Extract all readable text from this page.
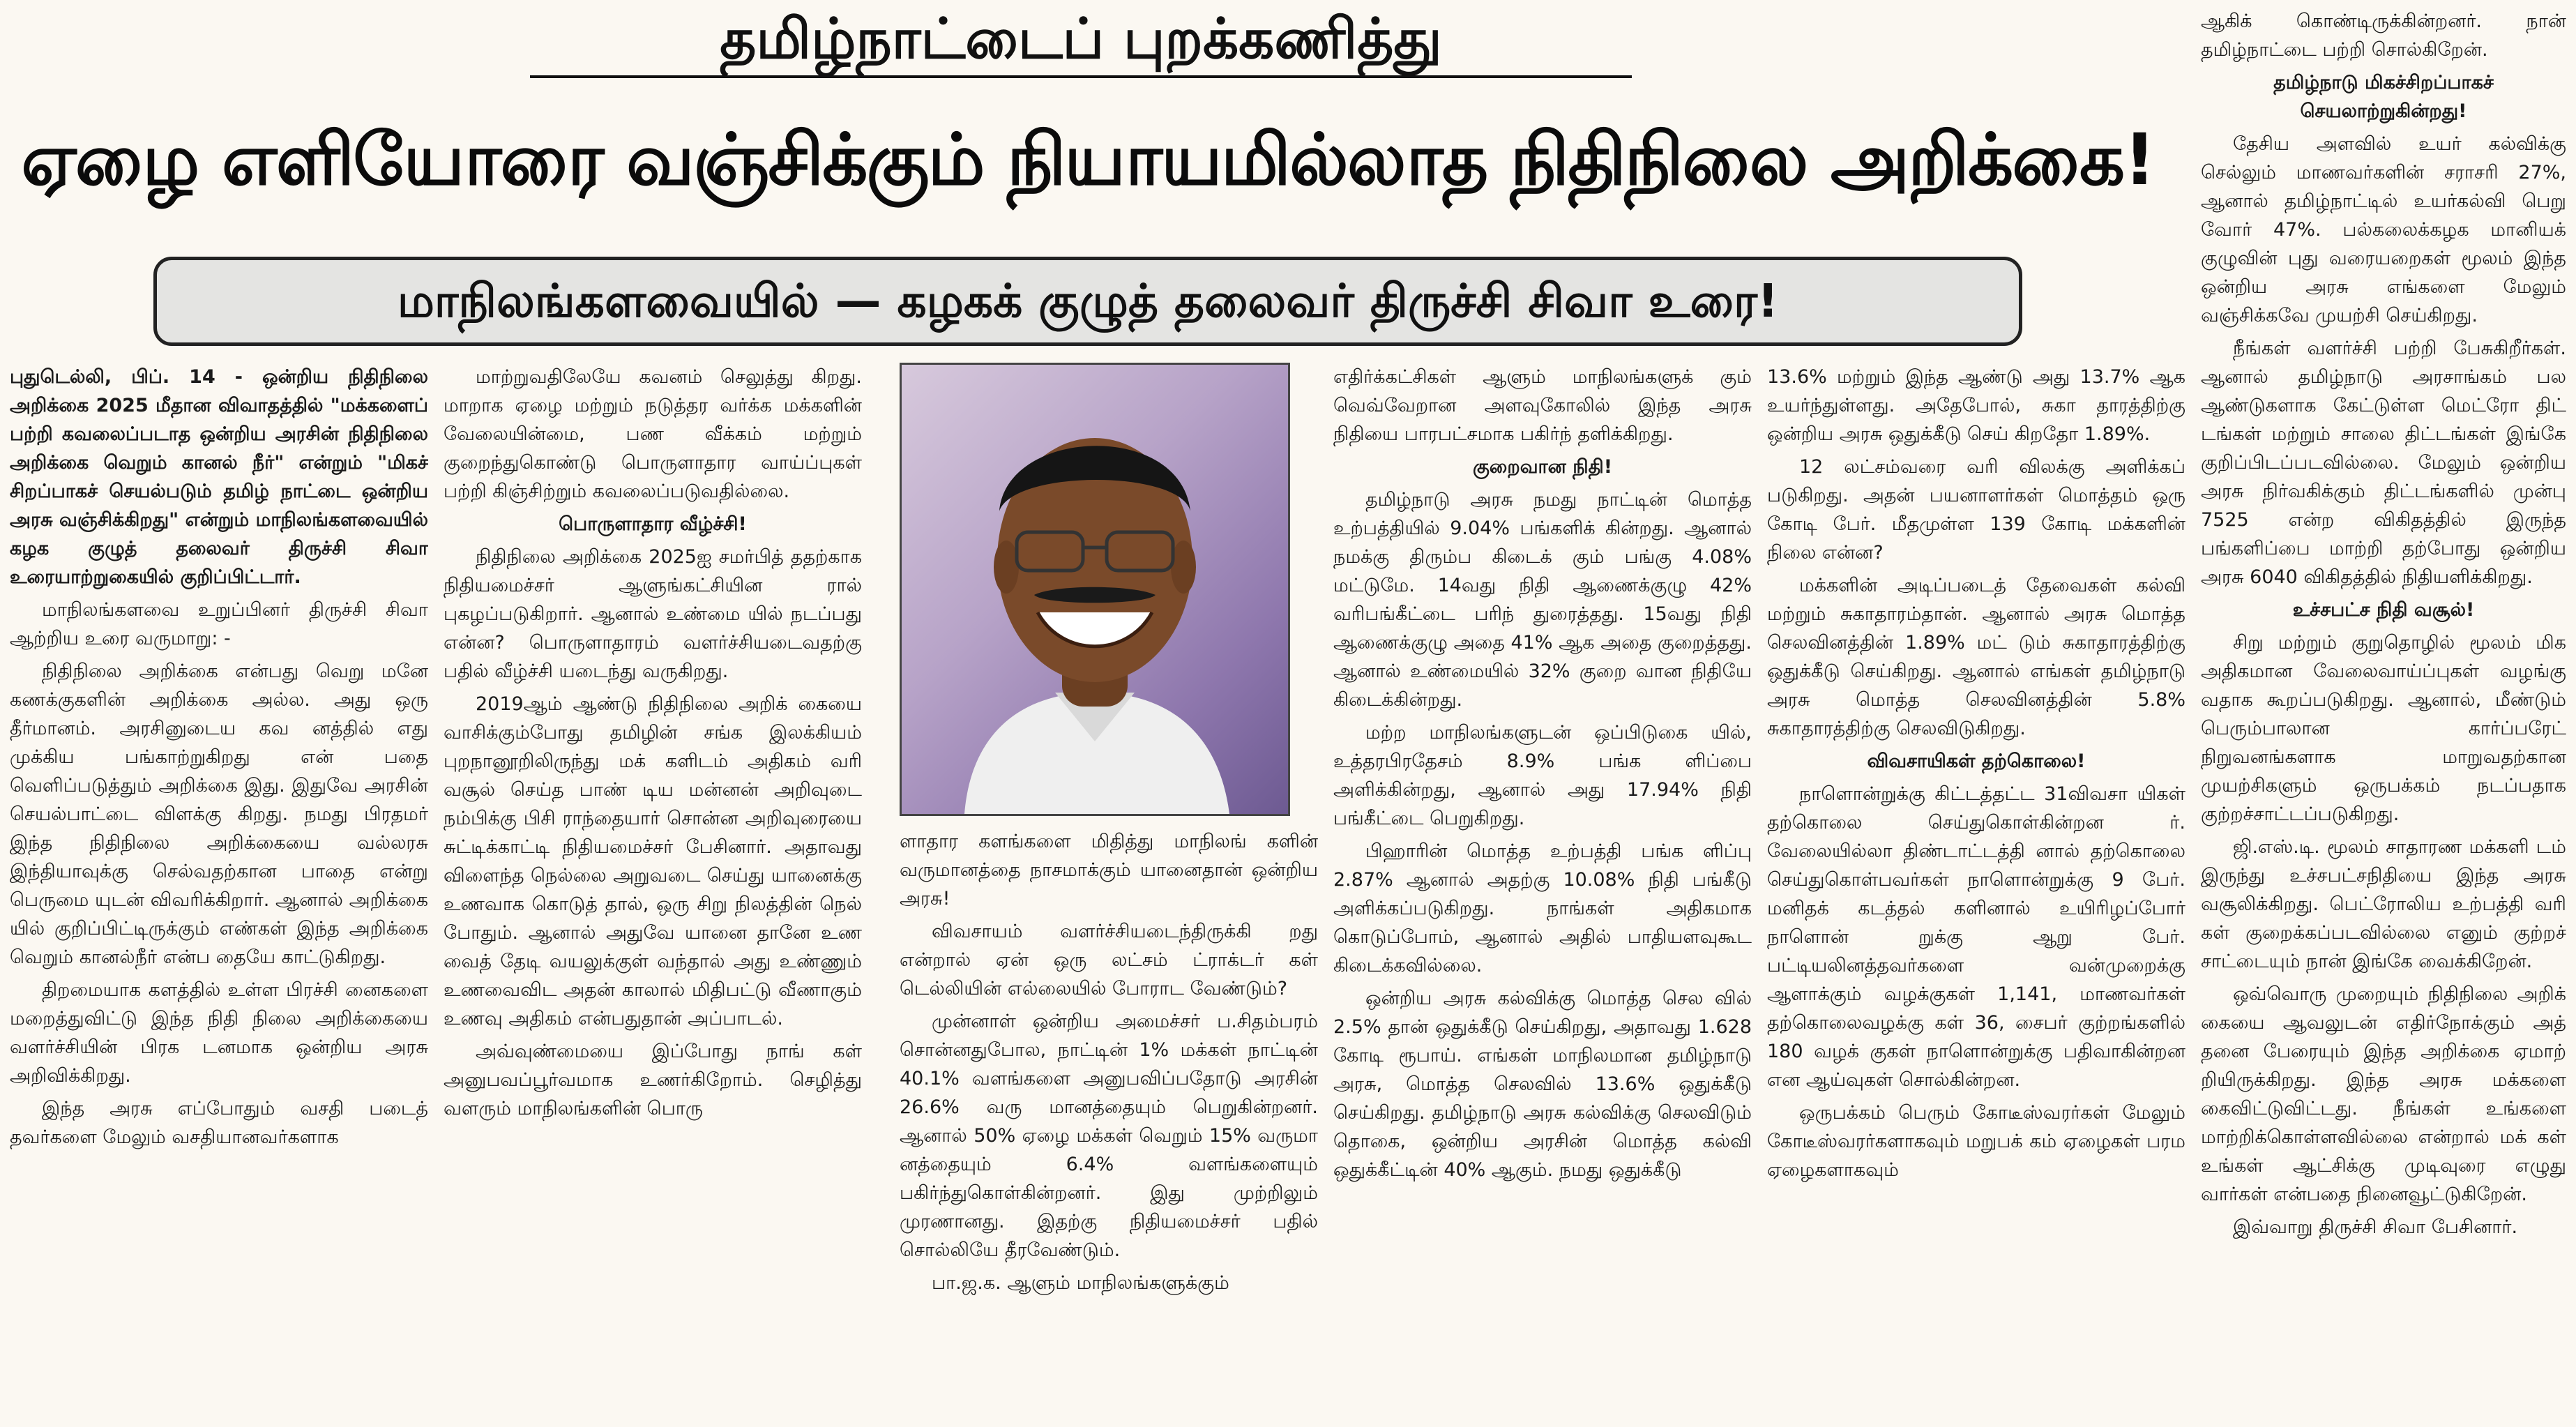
தமிழ்நாட்டைப் புறக்கணித்து
ஏழை எளியோரை வஞ்சிக்கும் நியாயமில்லாத நிதிநிலை அறிக்கை!
மாநிலங்களவையில் — கழகக் குழுத் தலைவர் திருச்சி சிவா உரை!

புதுடெல்லி, பிப். 14 - ஒன்றிய நிதிநிலை அறிக்கை 2025 மீதான விவாதத்தில் "மக்களைப் பற்றி கவலைப்படாத ஒன்றிய அரசின் நிதிநிலை அறிக்கை வெறும் கானல் நீர்" என்றும் "மிகச் சிறப்பாகச் செயல்படும் தமிழ் நாட்டை ஒன்றிய அரசு வஞ்சிக்கிறது" என்றும் மாநிலங்களவையில் கழக குழுத் தலைவர் திருச்சி சிவா உரையாற்றுகையில் குறிப்பிட்டார்.

மாநிலங்களவை உறுப்பினர் திருச்சி சிவா ஆற்றிய உரை வருமாறு: -

நிதிநிலை அறிக்கை என்பது வெறு மனே கணக்குகளின் அறிக்கை அல்ல. அது ஒரு தீர்மானம். அரசினுடைய கவ னத்தில் எது முக்கிய பங்காற்றுகிறது என் பதை வெளிப்படுத்தும் அறிக்கை இது. இதுவே அரசின் செயல்பாட்டை விளக்கு கிறது. நமது பிரதமர் இந்த நிதிநிலை அறிக்கையை வல்லரசு இந்தியாவுக்கு செல்வதற்கான பாதை என்று பெருமை யுடன் விவரிக்கிறார். ஆனால் அறிக்கை யில் குறிப்பிட்டிருக்கும் எண்கள் இந்த அறிக்கை வெறும் கானல்நீர் என்ப தையே காட்டுகிறது.

திறமையாக களத்தில் உள்ள பிரச்சி னைகளை மறைத்துவிட்டு இந்த நிதி நிலை அறிக்கையை வளர்ச்சியின் பிரக டனமாக ஒன்றிய அரசு அறிவிக்கிறது.

இந்த அரசு எப்போதும் வசதி படைத் தவர்களை மேலும் வசதியானவர்களாக

மாற்றுவதிலேயே கவனம் செலுத்து கிறது. மாறாக ஏழை மற்றும் நடுத்தர வர்க்க மக்களின் வேலையின்மை, பண வீக்கம் மற்றும் குறைந்துகொண்டு பொருளாதார வாய்ப்புகள் பற்றி கிஞ்சிற்றும் கவலைப்படுவதில்லை.

பொருளாதார வீழ்ச்சி!

நிதிநிலை அறிக்கை 2025ஐ சமர்பித் ததற்காக நிதியமைச்சர் ஆளுங்கட்சியின ரால் புகழப்படுகிறார். ஆனால் உண்மை யில் நடப்பது என்ன? பொருளாதாரம் வளர்ச்சியடைவதற்கு பதில் வீழ்ச்சி யடைந்து வருகிறது.

2019ஆம் ஆண்டு நிதிநிலை அறிக் கையை வாசிக்கும்போது தமிழின் சங்க இலக்கியம் புறநானூறிலிருந்து மக் களிடம் அதிகம் வரி வசூல் செய்த பாண் டிய மன்னன் அறிவுடை நம்பிக்கு பிசி ராந்தையார் சொன்ன அறிவுரையை சுட்டிக்காட்டி நிதியமைச்சர் பேசினார். அதாவது விளைந்த நெல்லை அறுவடை செய்து யானைக்கு உணவாக கொடுத் தால், ஒரு சிறு நிலத்தின் நெல் போதும். ஆனால் அதுவே யானை தானே உண வைத் தேடி வயலுக்குள் வந்தால் அது உண்ணும் உணவைவிட அதன் காலால் மிதிபட்டு வீணாகும் உணவு அதிகம் என்பதுதான் அப்பாடல்.

அவ்வுண்மையை இப்போது நாங் கள் அனுபவப்பூர்வமாக உணர்கிறோம். செழித்து வளரும் மாநிலங்களின் பொரு

ளாதார களங்களை மிதித்து மாநிலங் களின் வருமானத்தை நாசமாக்கும் யானைதான் ஒன்றிய அரசு!

விவசாயம் வளர்ச்சியடைந்திருக்கி றது என்றால் ஏன் ஒரு லட்சம் ட்ராக்டர் கள் டெல்லியின் எல்லையில் போராட வேண்டும்?

முன்னாள் ஒன்றிய அமைச்சர் ப.சிதம்பரம் சொன்னதுபோல, நாட்டின் 1% மக்கள் நாட்டின் 40.1% வளங்களை அனுபவிப்பதோடு அரசின் 26.6% வரு மானத்தையும் பெறுகின்றனர். ஆனால் 50% ஏழை மக்கள் வெறும் 15% வருமா னத்தையும் 6.4% வளங்களையும் பகிர்ந்துகொள்கின்றனர். இது முற்றிலும் முரணானது. இதற்கு நிதியமைச்சர் பதில் சொல்லியே தீரவேண்டும்.

பா.ஜ.க. ஆளும் மாநிலங்களுக்கும்

எதிர்க்கட்சிகள் ஆளும் மாநிலங்களுக் கும் வெவ்வேறான அளவுகோலில் இந்த அரசு நிதியை பாரபட்சமாக பகிர்ந் தளிக்கிறது.

குறைவான நிதி!

தமிழ்நாடு அரசு நமது நாட்டின் மொத்த உற்பத்தியில் 9.04% பங்களிக் கின்றது. ஆனால் நமக்கு திரும்ப கிடைக் கும் பங்கு 4.08% மட்டுமே. 14வது நிதி ஆணைக்குழு 42% வரிபங்கீட்டை பரிந் துரைத்தது. 15வது நிதி ஆணைக்குழு அதை 41% ஆக அதை குறைத்தது. ஆனால் உண்மையில் 32% குறை வான நிதியே கிடைக்கின்றது.

மற்ற மாநிலங்களுடன் ஒப்பிடுகை யில், உத்தரபிரதேசம் 8.9% பங்க ளிப்பை அளிக்கின்றது, ஆனால் அது 17.94% நிதி பங்கீட்டை பெறுகிறது.

பிஹாரின் மொத்த உற்பத்தி பங்க ளிப்பு 2.87% ஆனால் அதற்கு 10.08% நிதி பங்கீடு அளிக்கப்படுகிறது. நாங்கள் அதிகமாக கொடுப்போம், ஆனால் அதில் பாதியளவுகூட கிடைக்கவில்லை.

ஒன்றிய அரசு கல்விக்கு மொத்த செல வில் 2.5% தான் ஒதுக்கீடு செய்கிறது, அதாவது 1.628 கோடி ரூபாய். எங்கள் மாநிலமான தமிழ்நாடு அரசு, மொத்த செலவில் 13.6% ஒதுக்கீடு செய்கிறது. தமிழ்நாடு அரசு கல்விக்கு செலவிடும் தொகை, ஒன்றிய அரசின் மொத்த கல்வி ஒதுக்கீட்டின் 40% ஆகும். நமது ஒதுக்கீடு

13.6% மற்றும் இந்த ஆண்டு அது 13.7% ஆக உயர்ந்துள்ளது. அதேபோல், சுகா தாரத்திற்கு ஒன்றிய அரசு ஒதுக்கீடு செய் கிறதோ 1.89%.

12 லட்சம்வரை வரி விலக்கு அளிக்கப் படுகிறது. அதன் பயனாளர்கள் மொத்தம் ஒரு கோடி பேர். மீதமுள்ள 139 கோடி மக்களின் நிலை என்ன?

மக்களின் அடிப்படைத் தேவைகள் கல்வி மற்றும் சுகாதாரம்தான். ஆனால் அரசு மொத்த செலவினத்தின் 1.89% மட் டும் சுகாதாரத்திற்கு ஒதுக்கீடு செய்கிறது. ஆனால் எங்கள் தமிழ்நாடு அரசு மொத்த செலவினத்தின் 5.8% சுகாதாரத்திற்கு செலவிடுகிறது.

விவசாயிகள் தற்கொலை!

நாளொன்றுக்கு கிட்டத்தட்ட 31விவசா யிகள் தற்கொலை செய்துகொள்கின்றன ர். வேலையில்லா திண்டாட்டத்தி னால் தற்கொலை செய்துகொள்பவர்கள் நாளொன்றுக்கு 9 பேர். மனிதக் கடத்தல் களினால் உயிரிழப்போர் நாளொன் றுக்கு ஆறு பேர். பட்டியலினத்தவர்களை வன்முறைக்கு ஆளாக்கும் வழக்குகள் 1,141, மாணவர்கள் தற்கொலைவழக்கு கள் 36, சைபர் குற்றங்களில் 180 வழக் குகள் நாளொன்றுக்கு பதிவாகின்றன என ஆய்வுகள் சொல்கின்றன.

ஒருபக்கம் பெரும் கோடீஸ்வரர்கள் மேலும் கோடீஸ்வரர்களாகவும் மறுபக் கம் ஏழைகள் பரம ஏழைகளாகவும்

ஆகிக் கொண்டிருக்கின்றனர். நான் தமிழ்நாட்டை பற்றி சொல்கிறேன்.

தமிழ்நாடு மிகச்சிறப்பாகச் செயலாற்றுகின்றது!

தேசிய அளவில் உயர் கல்விக்கு செல்லும் மாணவர்களின் சராசரி 27%, ஆனால் தமிழ்நாட்டில் உயர்கல்வி பெறு வோர் 47%. பல்கலைக்கழக மானியக் குழுவின் புது வரையறைகள் மூலம் இந்த ஒன்றிய அரசு எங்களை மேலும் வஞ்சிக்கவே முயற்சி செய்கிறது.

நீங்கள் வளர்ச்சி பற்றி பேசுகிறீர்கள். ஆனால் தமிழ்நாடு அரசாங்கம் பல ஆண்டுகளாக கேட்டுள்ள மெட்ரோ திட் டங்கள் மற்றும் சாலை திட்டங்கள் இங்கே குறிப்பிடப்படவில்லை. மேலும் ஒன்றிய அரசு நிர்வகிக்கும் திட்டங்களில் முன்பு 7525 என்ற விகிதத்தில் இருந்த பங்களிப்பை மாற்றி தற்போது ஒன்றிய அரசு 6040 விகிதத்தில் நிதியளிக்கிறது.

உச்சபட்ச நிதி வசூல்!

சிறு மற்றும் குறுதொழில் மூலம் மிக அதிகமான வேலைவாய்ப்புகள் வழங்கு வதாக கூறப்படுகிறது. ஆனால், மீண்டும் பெரும்பாலான கார்ப்பரேட் நிறுவனங்களாக மாறுவதற்கான முயற்சிகளும் ஒருபக்கம் நடப்பதாக குற்றச்சாட்டப்படுகிறது.

ஜி.எஸ்.டி. மூலம் சாதாரண மக்களி டம் இருந்து உச்சபட்சநிதியை இந்த அரசு வசூலிக்கிறது. பெட்ரோலிய உற்பத்தி வரி கள் குறைக்கப்படவில்லை எனும் குற்றச் சாட்டையும் நான் இங்கே வைக்கிறேன்.

ஒவ்வொரு முறையும் நிதிநிலை அறிக் கையை ஆவலுடன் எதிர்நோக்கும் அத் தனை பேரையும் இந்த அறிக்கை ஏமாற் றியிருக்கிறது. இந்த அரசு மக்களை கைவிட்டுவிட்டது. நீங்கள் உங்களை மாற்றிக்கொள்ளவில்லை என்றால் மக் கள் உங்கள் ஆட்சிக்கு முடிவுரை எழுது வார்கள் என்பதை நினைவூட்டுகிறேன்.

இவ்வாறு திருச்சி சிவா பேசினார்.
